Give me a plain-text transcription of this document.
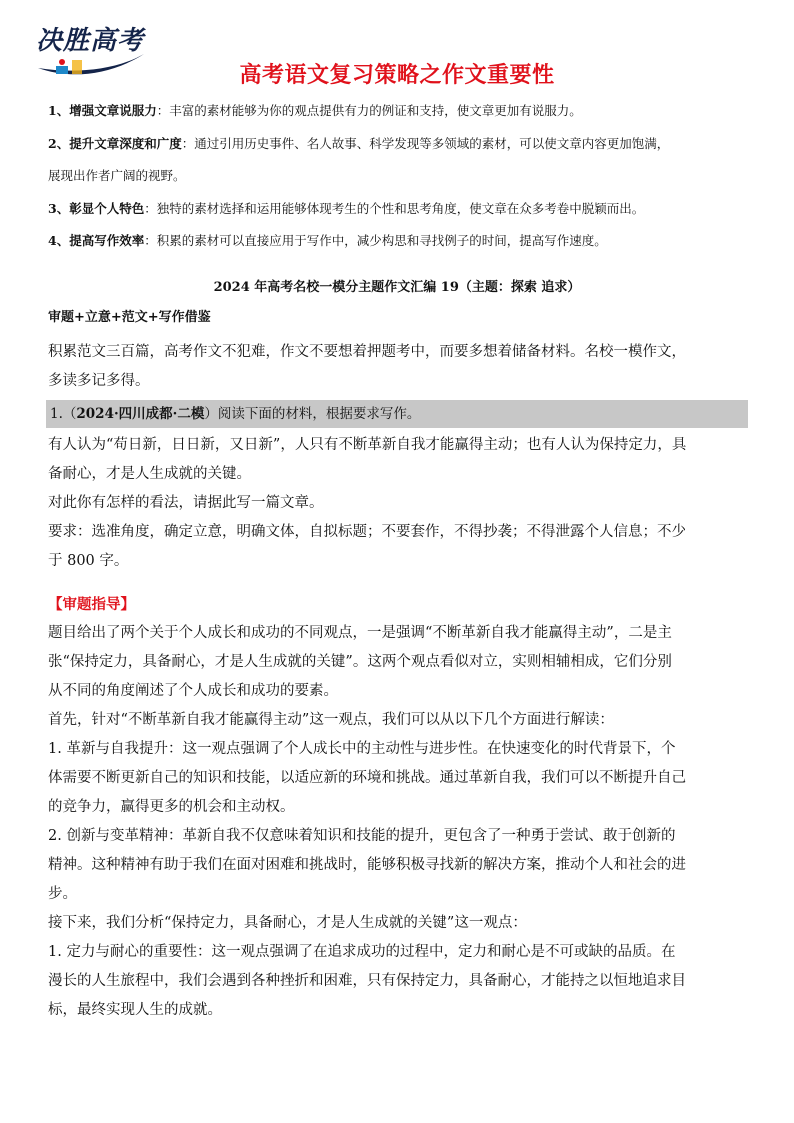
决胜高考
高考语文复习策略之作文重要性

1、增强文章说服力：丰富的素材能够为你的观点提供有力的例证和支持，使文章更加有说服力。

2、提升文章深度和广度：通过引用历史事件、名人故事、科学发现等多领域的素材，可以使文章内容更加饱满，

展现出作者广阔的视野。

3、彰显个人特色：独特的素材选择和运用能够体现考生的个性和思考角度，使文章在众多考卷中脱颖而出。

4、提高写作效率：积累的素材可以直接应用于写作中，减少构思和寻找例子的时间，提高写作速度。

2024 年高考名校一模分主题作文汇编 19（主题：探索 追求）
审题+立意+范文+写作借鉴

积累范文三百篇，高考作文不犯难，作文不要想着押题考中，而要多想着储备材料。名校一模作文，

多读多记多得。

1.（2024·四川成都·二模）阅读下面的材料，根据要求写作。

有人认为“苟日新，日日新，又日新”，人只有不断革新自我才能赢得主动；也有人认为保持定力，具

备耐心，才是人生成就的关键。

对此你有怎样的看法，请据此写一篇文章。

要求：选准角度，确定立意，明确文体，自拟标题；不要套作，不得抄袭；不得泄露个人信息；不少

于 800 字。

【审题指导】

题目给出了两个关于个人成长和成功的不同观点，一是强调“不断革新自我才能赢得主动”，二是主

张“保持定力，具备耐心，才是人生成就的关键”。这两个观点看似对立，实则相辅相成，它们分别

从不同的角度阐述了个人成长和成功的要素。

首先，针对“不断革新自我才能赢得主动”这一观点，我们可以从以下几个方面进行解读：

1. 革新与自我提升：这一观点强调了个人成长中的主动性与进步性。在快速变化的时代背景下，个

体需要不断更新自己的知识和技能，以适应新的环境和挑战。通过革新自我，我们可以不断提升自己

的竞争力，赢得更多的机会和主动权。

2. 创新与变革精神：革新自我不仅意味着知识和技能的提升，更包含了一种勇于尝试、敢于创新的

精神。这种精神有助于我们在面对困难和挑战时，能够积极寻找新的解决方案，推动个人和社会的进

步。

接下来，我们分析“保持定力，具备耐心，才是人生成就的关键”这一观点：

1. 定力与耐心的重要性：这一观点强调了在追求成功的过程中，定力和耐心是不可或缺的品质。在

漫长的人生旅程中，我们会遇到各种挫折和困难，只有保持定力，具备耐心，才能持之以恒地追求目

标，最终实现人生的成就。
